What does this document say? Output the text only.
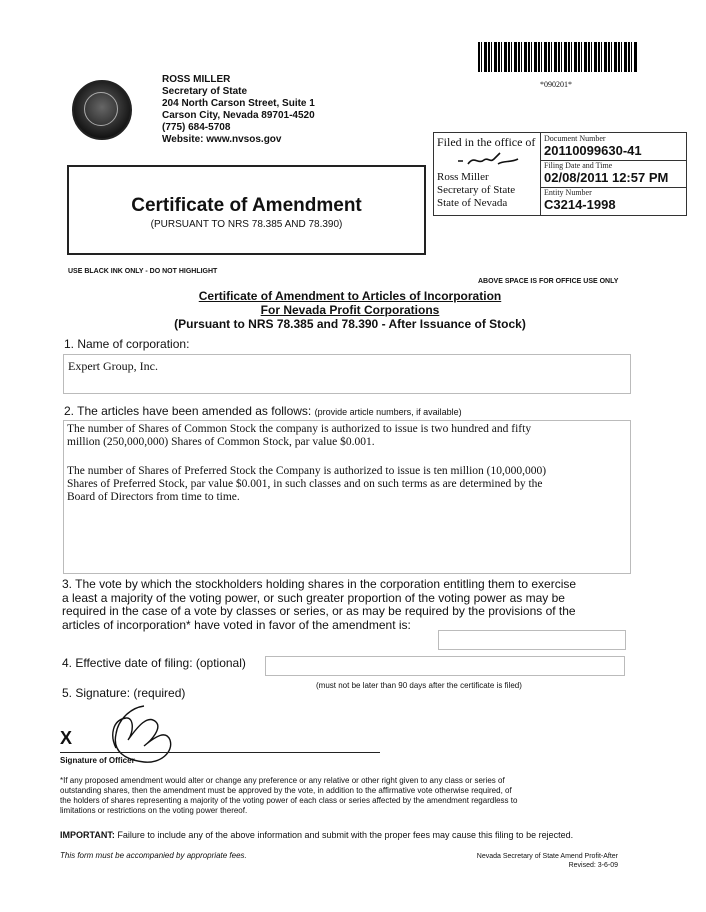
ROSS MILLER
Secretary of State
204 North Carson Street, Suite 1
Carson City, Nevada 89701-4520
(775) 684-5708
Website: www.nvsos.gov
*090201*
Filed in the office of
Ross Miller
Secretary of State
State of Nevada
Document Number
20110099630-41
Filing Date and Time
02/08/2011 12:57 PM
Entity Number
C3214-1998
Certificate of Amendment
(PURSUANT TO NRS 78.385 AND 78.390)
USE BLACK INK ONLY - DO NOT HIGHLIGHT
ABOVE SPACE IS FOR OFFICE USE ONLY
Certificate of Amendment to Articles of Incorporation
For Nevada Profit Corporations
(Pursuant to NRS 78.385 and 78.390 - After Issuance of Stock)
1. Name of corporation:
Expert Group, Inc.
2. The articles have been amended as follows: (provide article numbers, if available)
The number of Shares of Common Stock the company is authorized to issue is two hundred and fifty
million (250,000,000) Shares of Common Stock, par value $0.001.
The number of Shares of Preferred Stock the Company is authorized to issue is ten million (10,000,000)
Shares of Preferred Stock, par value $0.001, in such classes and on such terms as are determined by the
Board of Directors from time to time.
3. The vote by which the stockholders holding shares in the corporation entitling them to exercise
a least a majority of the voting power, or such greater proportion of the voting power as may be
required in the case of a vote by classes or series, or as may be required by the provisions of the
articles of incorporation* have voted in favor of the amendment is:
4. Effective date of filing: (optional)
(must not be later than 90 days after the certificate is filed)
5. Signature: (required)
X
Signature of Officer
*If any proposed amendment would alter or change any preference or any relative or other right given to any class or series of
outstanding shares, then the amendment must be approved by the vote, in addition to the affirmative vote otherwise required, of
the holders of shares representing a majority of the voting power of each class or series affected by the amendment regardless to
limitations or restrictions on the voting power thereof.
IMPORTANT: Failure to include any of the above information and submit with the proper fees may cause this filing to be rejected.
This form must be accompanied by appropriate fees.	Nevada Secretary of State Amend Profit-After
Revised: 3-6-09
